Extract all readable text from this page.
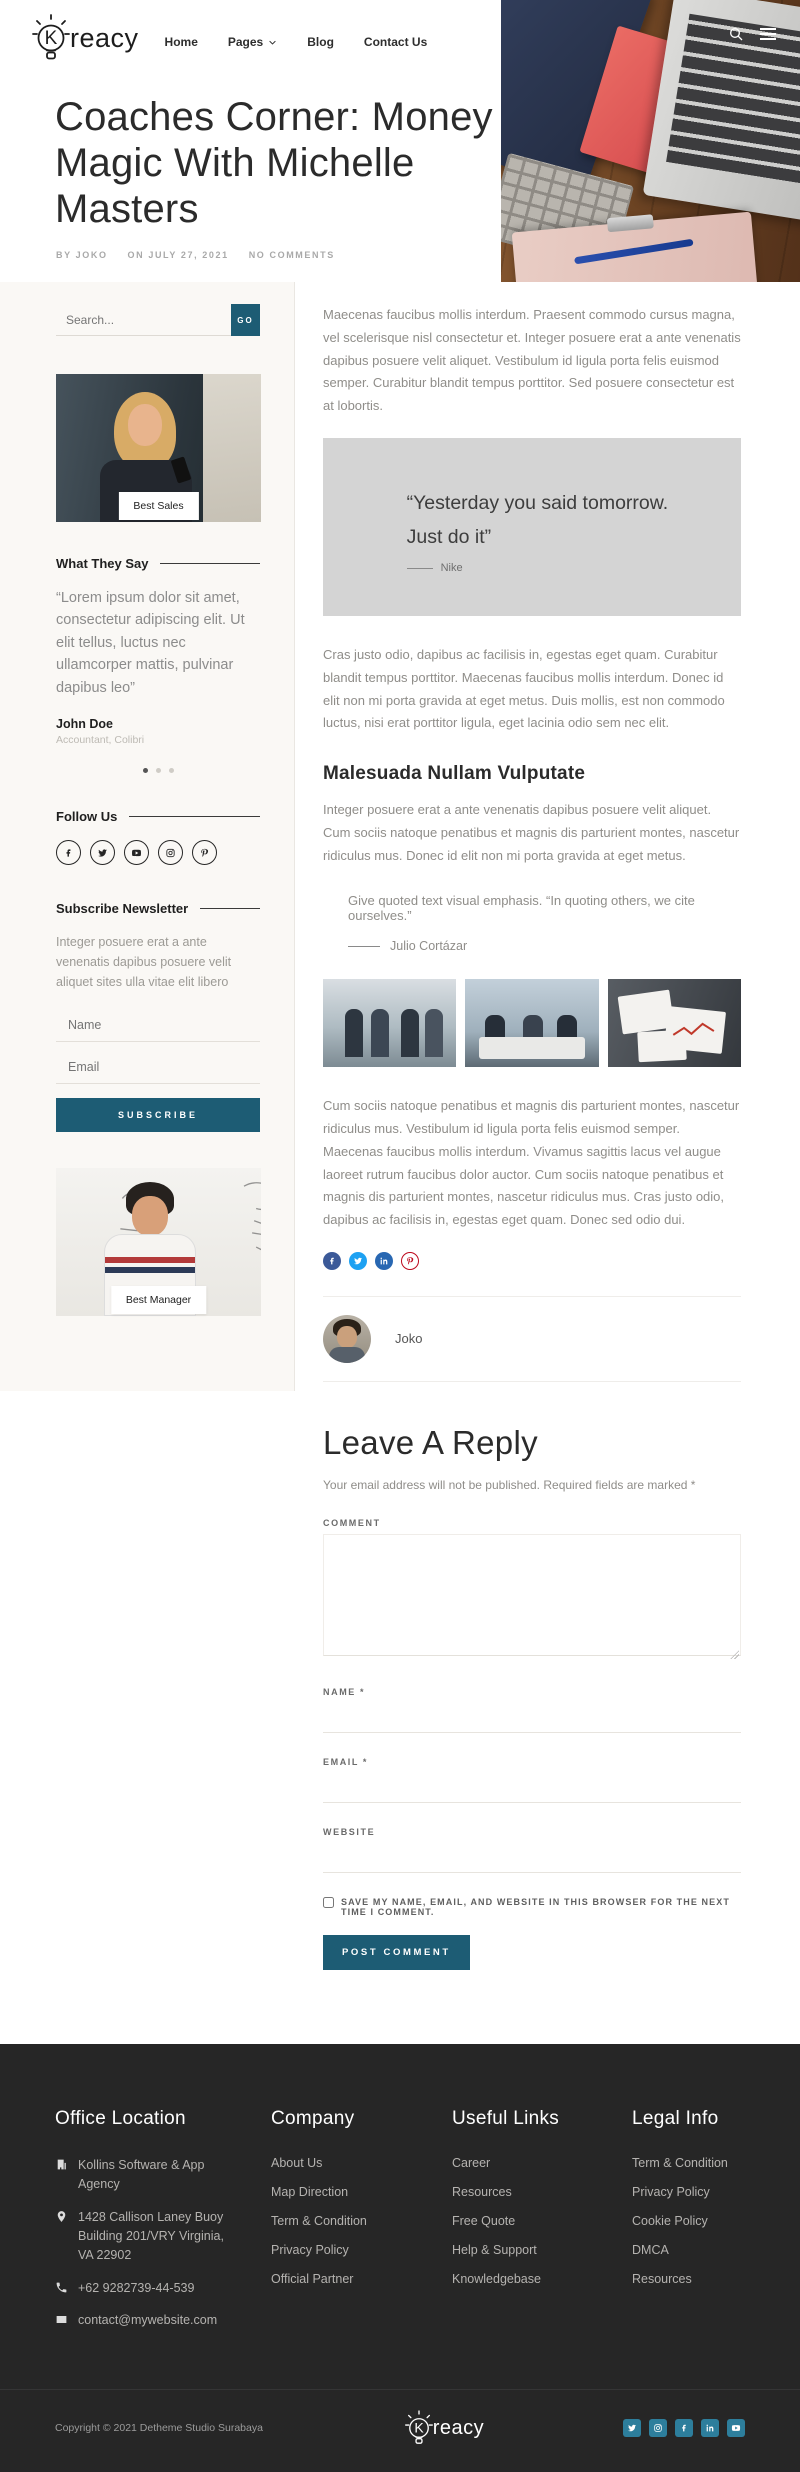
reacy Home	Pages	Blog	Contact Us
Coaches Corner: Money Magic With Michelle Masters
BY JOKO ON JULY 27, 2021 NO COMMENTS
Search...
GO
Best Sales
What They Say

“Lorem ipsum dolor sit amet, consectetur adipiscing elit. Ut elit tellus, luctus nec ullamcorper mattis, pulvinar dapibus leo”

John Doe

Accountant, Colibri

Follow Us
Subscribe Newsletter

Integer posuere erat a ante venenatis dapibus posuere velit aliquet sites ulla vitae elit libero

Name
Email
SUBSCRIBE
Best Manager

Maecenas faucibus mollis interdum. Praesent commodo cursus magna, vel scelerisque nisl consectetur et. Integer posuere erat a ante venenatis dapibus posuere velit aliquet. Vestibulum id ligula porta felis euismod semper. Curabitur blandit tempus porttitor. Sed posuere consectetur est at lobortis.

“Yesterday you said tomorrow.
Just do it”
Nike

Cras justo odio, dapibus ac facilisis in, egestas eget quam. Curabitur blandit tempus porttitor. Maecenas faucibus mollis interdum. Donec id elit non mi porta gravida at eget metus. Duis mollis, est non commodo luctus, nisi erat porttitor ligula, eget lacinia odio sem nec elit.

Malesuada Nullam Vulputate

Integer posuere erat a ante venenatis dapibus posuere velit aliquet. Cum sociis natoque penatibus et magnis dis parturient montes, nascetur ridiculus mus. Donec id elit non mi porta gravida at eget metus.

Give quoted text visual emphasis. “In quoting others, we cite ourselves.”

Julio Cortázar

Cum sociis natoque penatibus et magnis dis parturient montes, nascetur ridiculus mus. Vestibulum id ligula porta felis euismod semper. Maecenas faucibus mollis interdum. Vivamus sagittis lacus vel augue laoreet rutrum faucibus dolor auctor. Cum sociis natoque penatibus et magnis dis parturient montes, nascetur ridiculus mus. Cras justo odio, dapibus ac facilisis in, egestas eget quam. Donec sed odio dui.

Joko
Leave A Reply

Your email address will not be published. Required fields are marked *

COMMENT
NAME *
EMAIL *
WEBSITE
SAVE MY NAME, EMAIL, AND WEBSITE IN THIS BROWSER FOR THE NEXT TIME I COMMENT.
POST COMMENT
Office Location
Kollins Software & App Agency
1428 Callison Laney Buoy Building 201/VRY Virginia, VA 22902
+62 9282739-44-539
contact@mywebsite.com
Company
About Us
Map Direction
Term & Condition
Privacy Policy
Official Partner
Useful Links
Career
Resources
Free Quote
Help & Support
Knowledgebase
Legal Info
Term & Condition
Privacy Policy
Cookie Policy
DMCA
Resources
Copyright © 2021 Detheme Studio Surabaya	reacy
